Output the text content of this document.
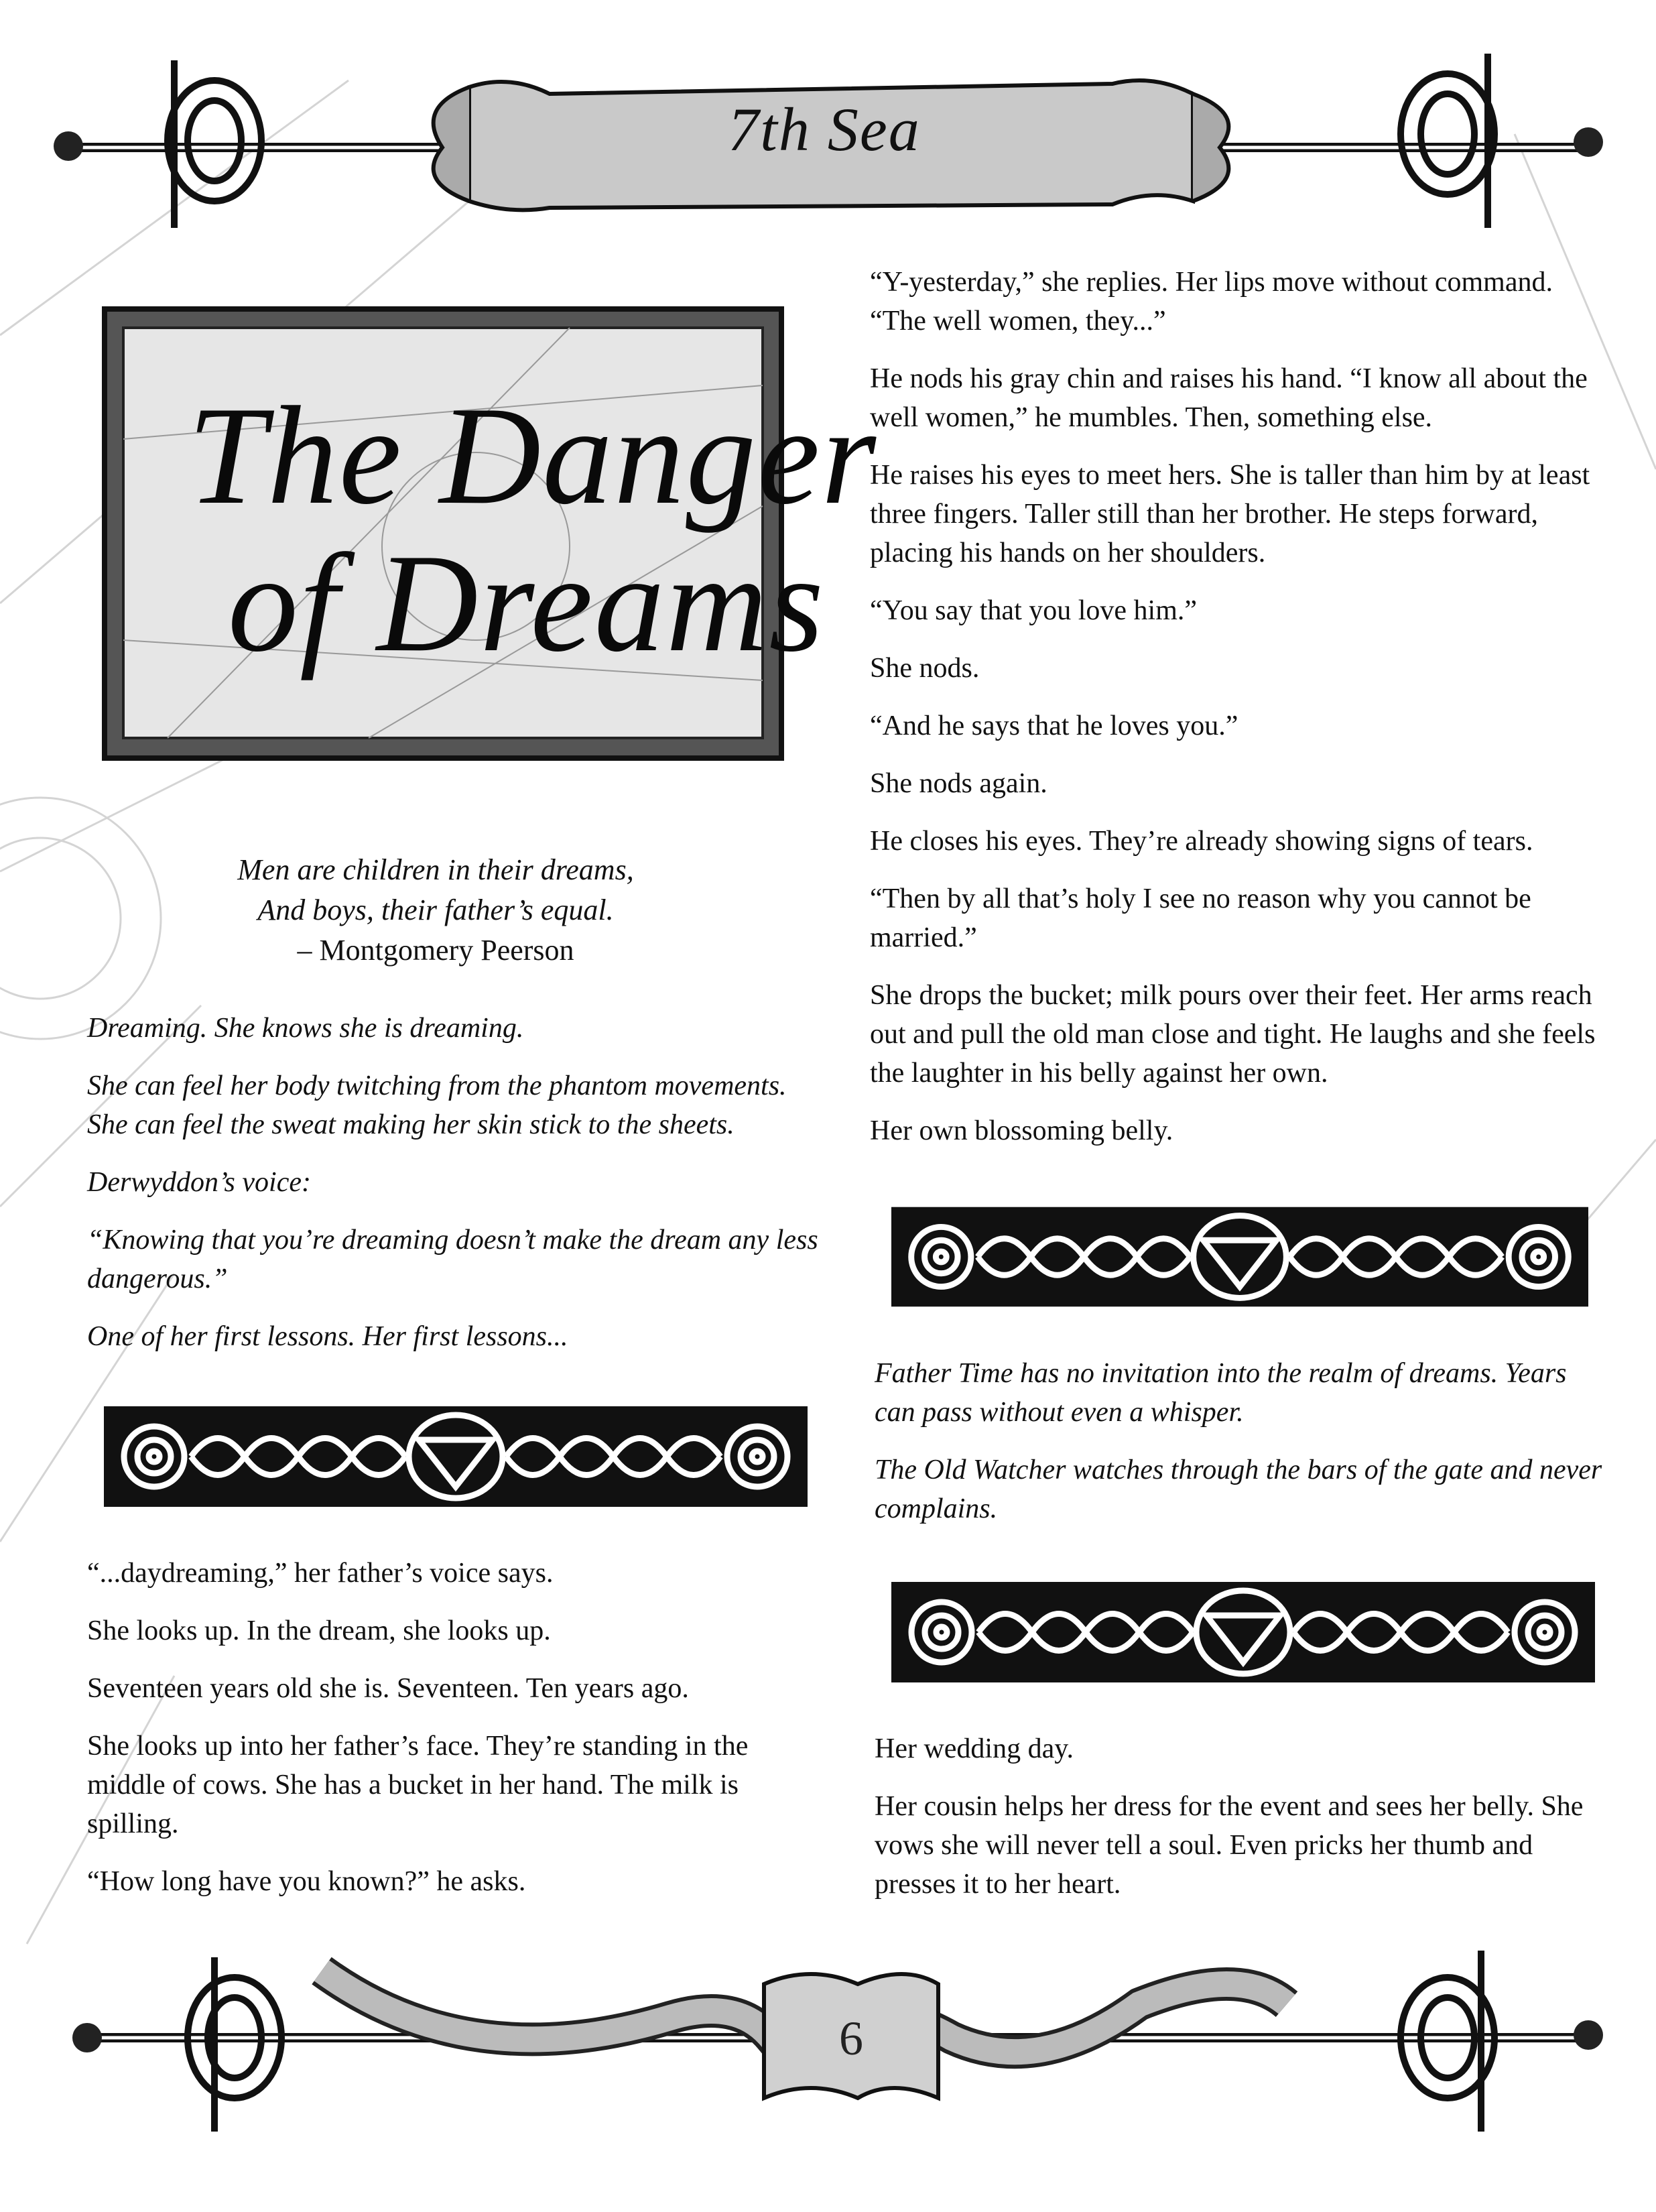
7th Sea
The Danger
of Dreams
Men are children in their dreams,
And boys, their father’s equal.
– Montgomery Peerson

Dreaming. She knows she is dreaming.

She can feel her body twitching from the phantom movements. She can feel the sweat making her skin stick to the sheets.

Derwyddon’s voice:

“Knowing that you’re dreaming doesn’t make the dream any less dangerous.”

One of her first lessons. Her first lessons...

“...daydreaming,” her father’s voice says.

She looks up. In the dream, she looks up.

Seventeen years old she is. Seventeen. Ten years ago.

She looks up into her father’s face. They’re standing in the middle of cows. She has a bucket in her hand. The milk is spilling.

“How long have you known?” he asks.

“Y-yesterday,” she replies. Her lips move without command. “The well women, they...”

He nods his gray chin and raises his hand. “I know all about the well women,” he mumbles. Then, something else.

He raises his eyes to meet hers. She is taller than him by at least three fingers. Taller still than her brother. He steps forward, placing his hands on her shoulders.

“You say that you love him.”

She nods.

“And he says that he loves you.”

She nods again.

He closes his eyes. They’re already showing signs of tears.

“Then by all that’s holy I see no reason why you cannot be married.”

She drops the bucket; milk pours over their feet. Her arms reach out and pull the old man close and tight. He laughs and she feels the laughter in his belly against her own.

Her own blossoming belly.

Father Time has no invitation into the realm of dreams. Years can pass without even a whisper.

The Old Watcher watches through the bars of the gate and never complains.

Her wedding day.

Her cousin helps her dress for the event and sees her belly. She vows she will never tell a soul. Even pricks her thumb and presses it to her heart.

6
